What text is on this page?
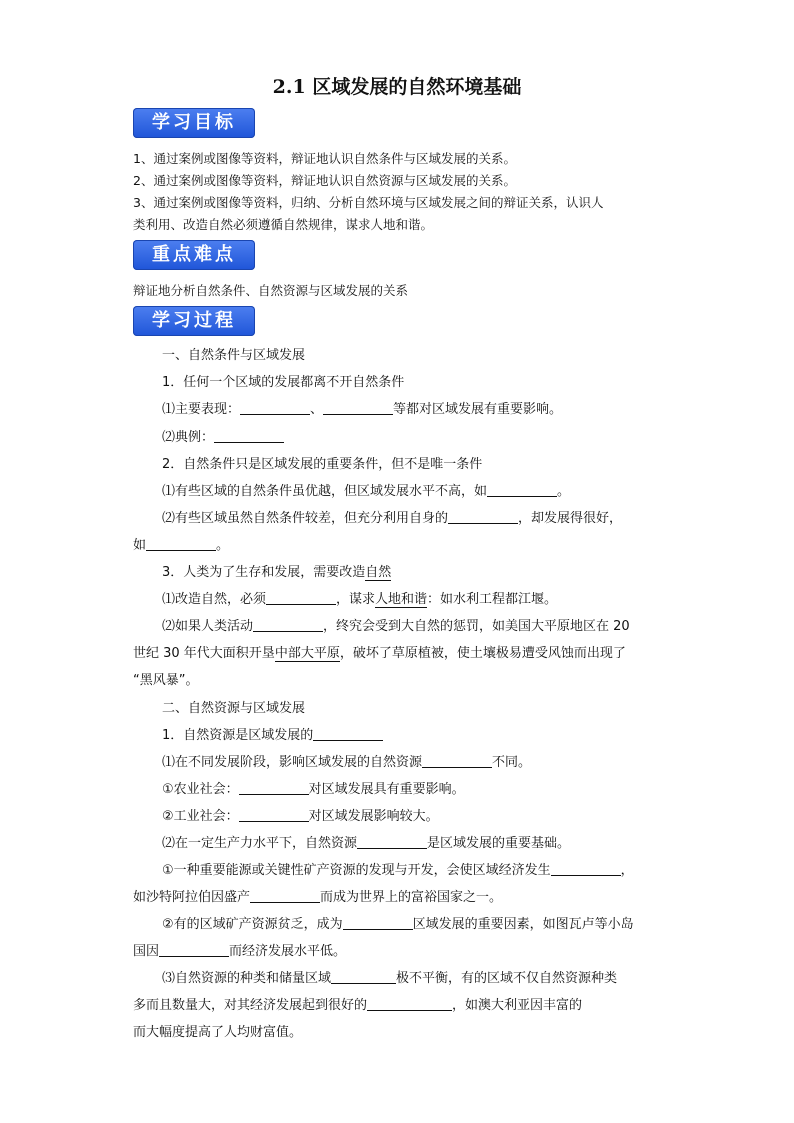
2.1 区域发展的自然环境基础
学习目标
1、通过案例或图像等资料，辩证地认识自然条件与区域发展的关系。
2、通过案例或图像等资料，辩证地认识自然资源与区域发展的关系。
3、通过案例或图像等资料，归纳、分析自然环境与区域发展之间的辩证关系，认识人
类利用、改造自然必须遵循自然规律，谋求人地和谐。
重点难点
辩证地分析自然条件、自然资源与区域发展的关系
学习过程
一、自然条件与区域发展
1．任何一个区域的发展都离不开自然条件
⑴主要表现：	、	等都对区域发展有重要影响。
⑵典例：
2．自然条件只是区域发展的重要条件，但不是唯一条件
⑴有些区域的自然条件虽优越，但区域发展水平不高，如	。
⑵有些区域虽然自然条件较差，但充分利用自身的	，却发展得很好，
如	。
3．人类为了生存和发展，需要改造自然
⑴改造自然，必须	，谋求人地和谐：如水利工程都江堰。
⑵如果人类活动	，终究会受到大自然的惩罚，如美国大平原地区在 20
世纪 30 年代大面积开垦中部大平原，破坏了草原植被，使土壤极易遭受风蚀而出现了
“黑风暴”。
二、自然资源与区域发展
1．自然资源是区域发展的
⑴在不同发展阶段，影响区域发展的自然资源	不同。
①农业社会：	对区域发展具有重要影响。
②工业社会：	对区域发展影响较大。
⑵在一定生产力水平下，自然资源	是区域发展的重要基础。
①一种重要能源或关键性矿产资源的发现与开发，会使区域经济发生	，
如沙特阿拉伯因盛产	而成为世界上的富裕国家之一。
②有的区域矿产资源贫乏，成为	区域发展的重要因素，如图瓦卢等小岛
国因	而经济发展水平低。
⑶自然资源的种类和储量区域	极不平衡，有的区域不仅自然资源种类
多而且数量大，对其经济发展起到很好的	，如澳大利亚因丰富的
而大幅度提高了人均财富值。
